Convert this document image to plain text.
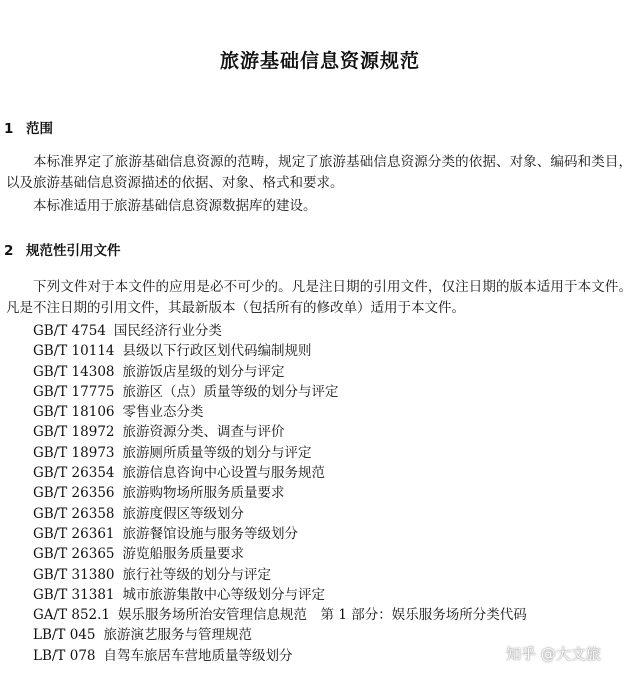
旅游基础信息资源规范
1 范围

本标准界定了旅游基础信息资源的范畴，规定了旅游基础信息资源分类的依据、对象、编码和类目，以及旅游基础信息资源描述的依据、对象、格式和要求。

本标准适用于旅游基础信息资源数据库的建设。

2 规范性引用文件

下列文件对于本文件的应用是必不可少的。凡是注日期的引用文件，仅注日期的版本适用于本文件。凡是不注日期的引用文件，其最新版本（包括所有的修改单）适用于本文件。

GB/T 4754 国民经济行业分类
GB/T 10114 县级以下行政区划代码编制规则
GB/T 14308 旅游饭店星级的划分与评定
GB/T 17775 旅游区（点）质量等级的划分与评定
GB/T 18106 零售业态分类
GB/T 18972 旅游资源分类、调查与评价
GB/T 18973 旅游厕所质量等级的划分与评定
GB/T 26354 旅游信息咨询中心设置与服务规范
GB/T 26356 旅游购物场所服务质量要求
GB/T 26358 旅游度假区等级划分
GB/T 26361 旅游餐馆设施与服务等级划分
GB/T 26365 游览船服务质量要求
GB/T 31380 旅行社等级的划分与评定
GB/T 31381 城市旅游集散中心等级划分与评定
GA/T 852.1 娱乐服务场所治安管理信息规范　第 1 部分：娱乐服务场所分类代码
LB/T 045 旅游演艺服务与管理规范
LB/T 078 自驾车旅居车营地质量等级划分	知乎 @大文旅
